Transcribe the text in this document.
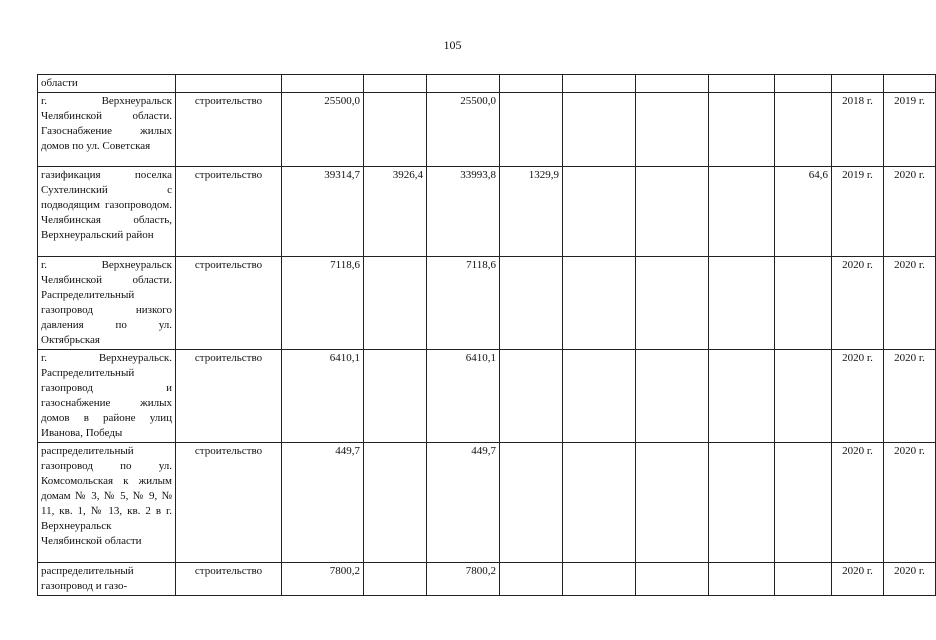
105
области											
г. Верхнеуральск Челябинской области. Газоснабжение жилых домов по ул. Советская	строительство	25500,0		25500,0						2018 г.	2019 г.
газификация поселка Сухтелинский с подводящим газопроводом. Челябинская область, Верхнеуральский район	строительство	39314,7	3926,4	33993,8	1329,9				64,6	2019 г.	2020 г.
г. Верхнеуральск Челябинской области. Распределительный газопровод низкого давления по ул. Октябрьская	строительство	7118,6		7118,6						2020 г.	2020 г.
г. Верхнеуральск. Распределительный газопровод и газоснабжение жилых домов в районе улиц Иванова, Победы	строительство	6410,1		6410,1						2020 г.	2020 г.
распределительный газопровод по ул. Комсомольская к жилым домам № 3, № 5, № 9, № 11, кв. 1, № 13, кв. 2 в г. Верхнеуральск Челябинской области	строительство	449,7		449,7						2020 г.	2020 г.
распределительный газопровод и газо-	строительство	7800,2		7800,2						2020 г.	2020 г.
